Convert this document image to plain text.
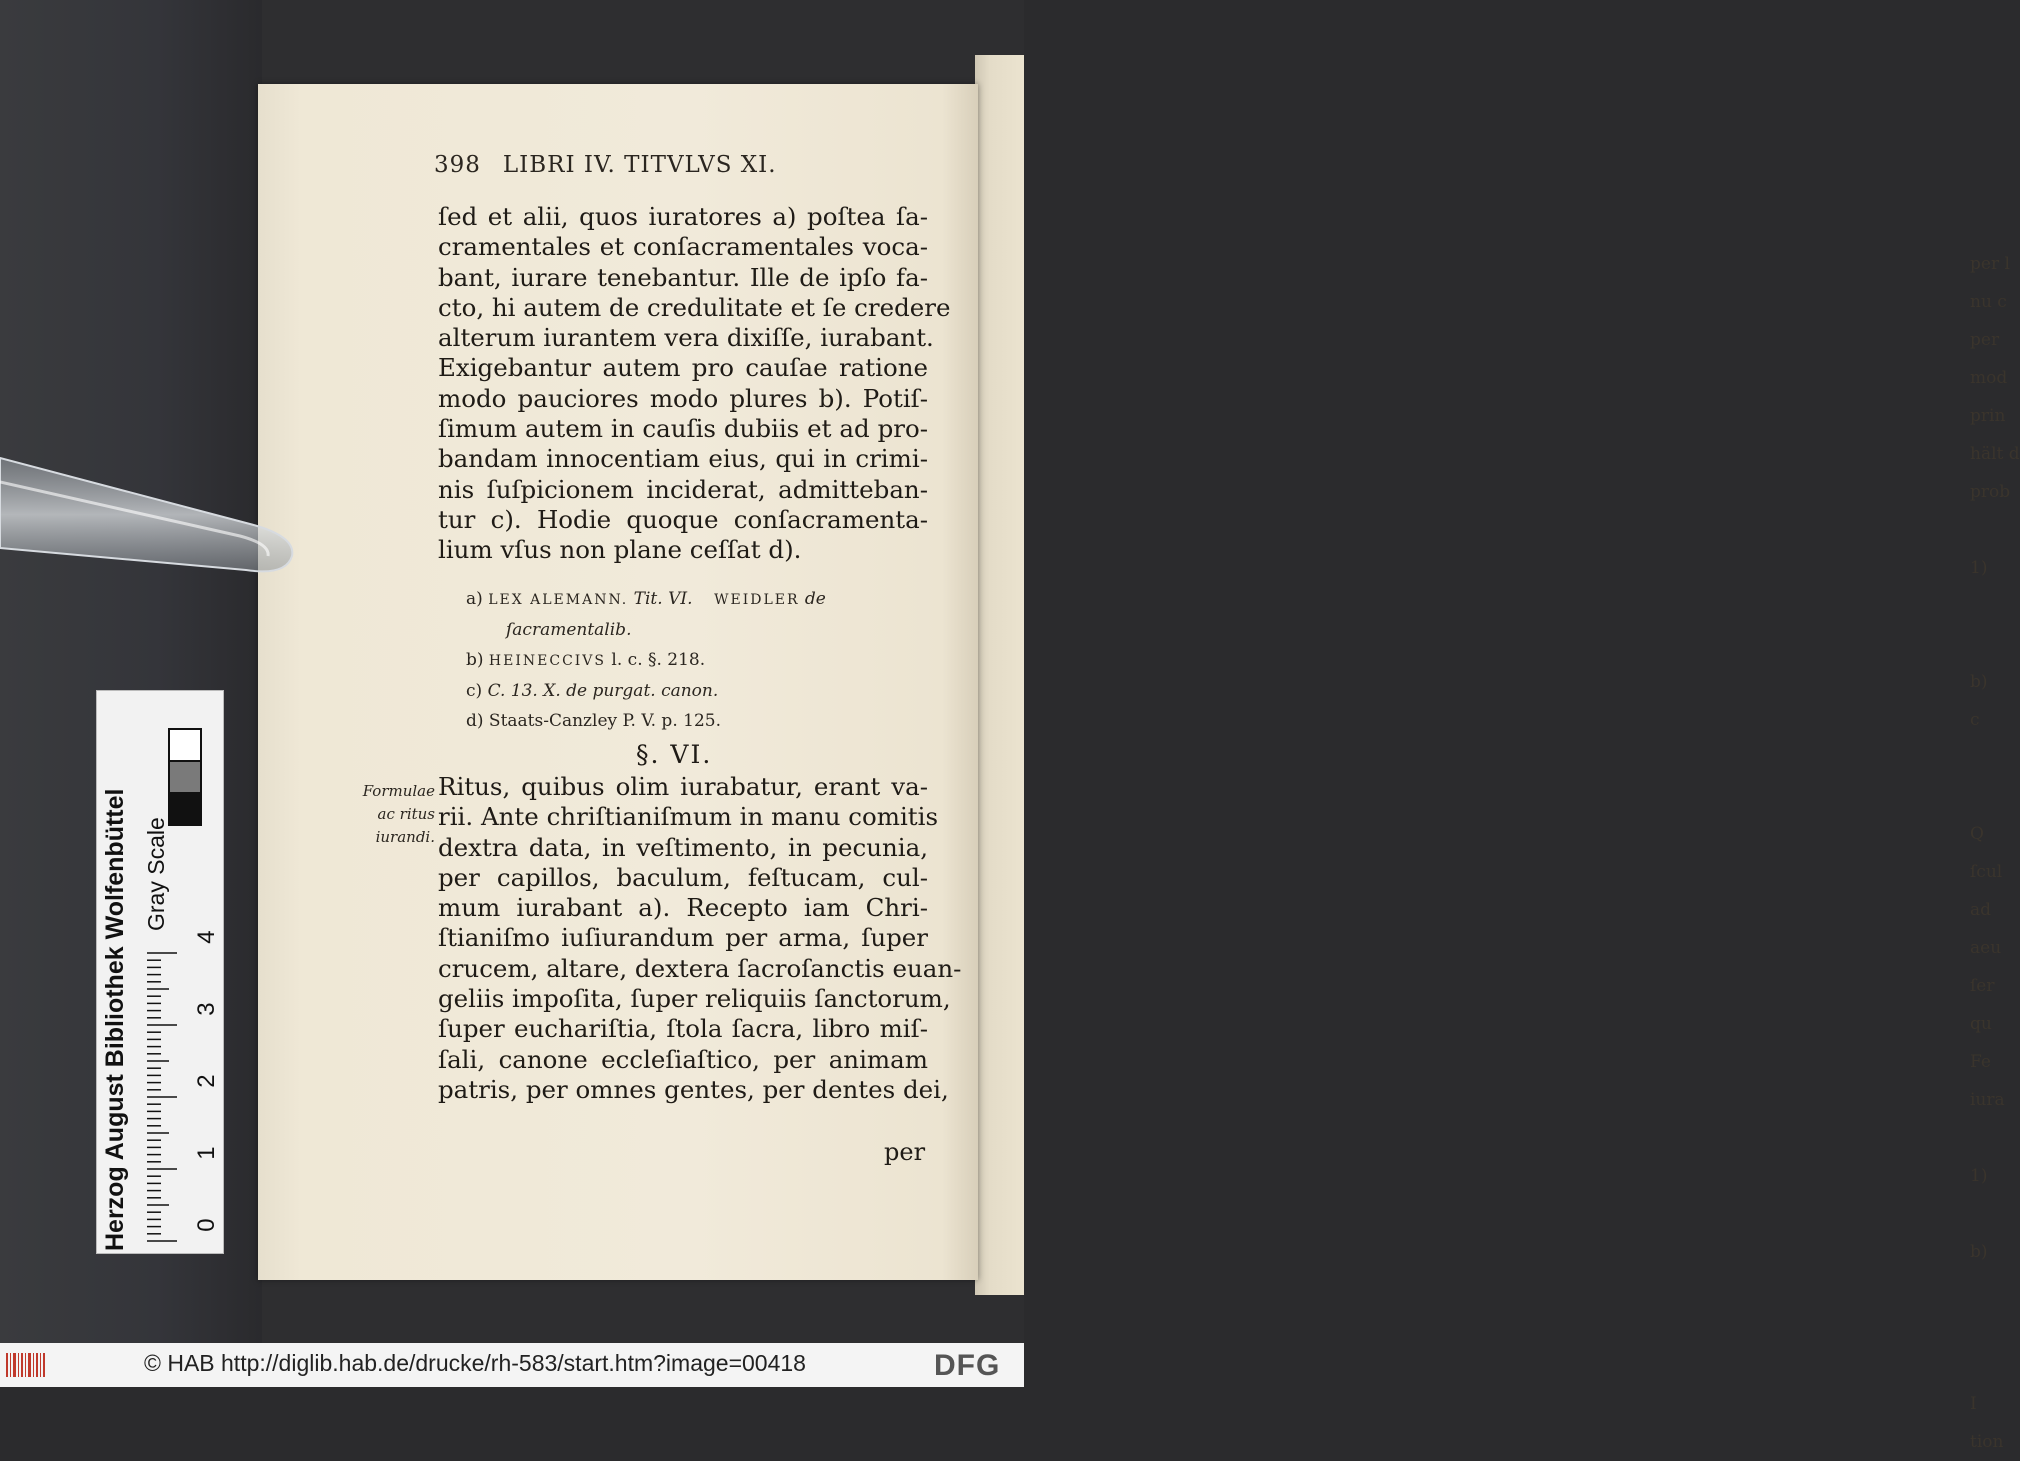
per l
nu c
per
mod
prin
hält d
prob

1)

b)
c

Q
ſcul
ad
aeu
ſer
qu
Fe
iura

1)

b)

I
tion
398 LIBRI IV. TITVLVS XI.
ſed et alii, quos iuratores a) poſtea ſa-
cramentales et conſacramentales voca-
bant, iurare tenebantur. Ille de ipſo fa-
cto, hi autem de credulitate et ſe credere
alterum iurantem vera dixiſſe, iurabant.
Exigebantur autem pro cauſae ratione
modo pauciores modo plures b). Potiſ-
ſimum autem in cauſis dubiis et ad pro-
bandam innocentiam eius, qui in crimi-
nis ſuſpicionem inciderat, admitteban-
tur c). Hodie quoque conſacramenta-
lium vſus non plane ceſſat d).
a) LEX ALEMANN. Tit. VI. WEIDLER de
ſacramentalib.
b) HEINECCIVS l. c. §. 218.
c) C. 13. X. de purgat. canon.
d) Staats-Canzley P. V. p. 125.
§. VI.
Formulae
ac ritus
iurandi.
Ritus, quibus olim iurabatur, erant va-
rii. Ante chriſtianiſmum in manu comitis
dextra data, in veſtimento, in pecunia,
per capillos, baculum, feſtucam, cul-
mum iurabant a). Recepto iam Chri-
ſtianiſmo iuſiurandum per arma, ſuper
crucem, altare, dextera ſacroſanctis euan-
geliis impoſita, ſuper reliquiis ſanctorum,
ſuper euchariſtia, ſtola ſacra, libro miſ-
ſali, canone eccleſiaſtico, per animam
patris, per omnes gentes, per dentes dei,
per
Herzog August Bibliothek Wolfenbüttel Gray Scale
0
1
2
3
4
© HAB http://diglib.hab.de/drucke/rh-583/start.htm?image=00418	DFG
